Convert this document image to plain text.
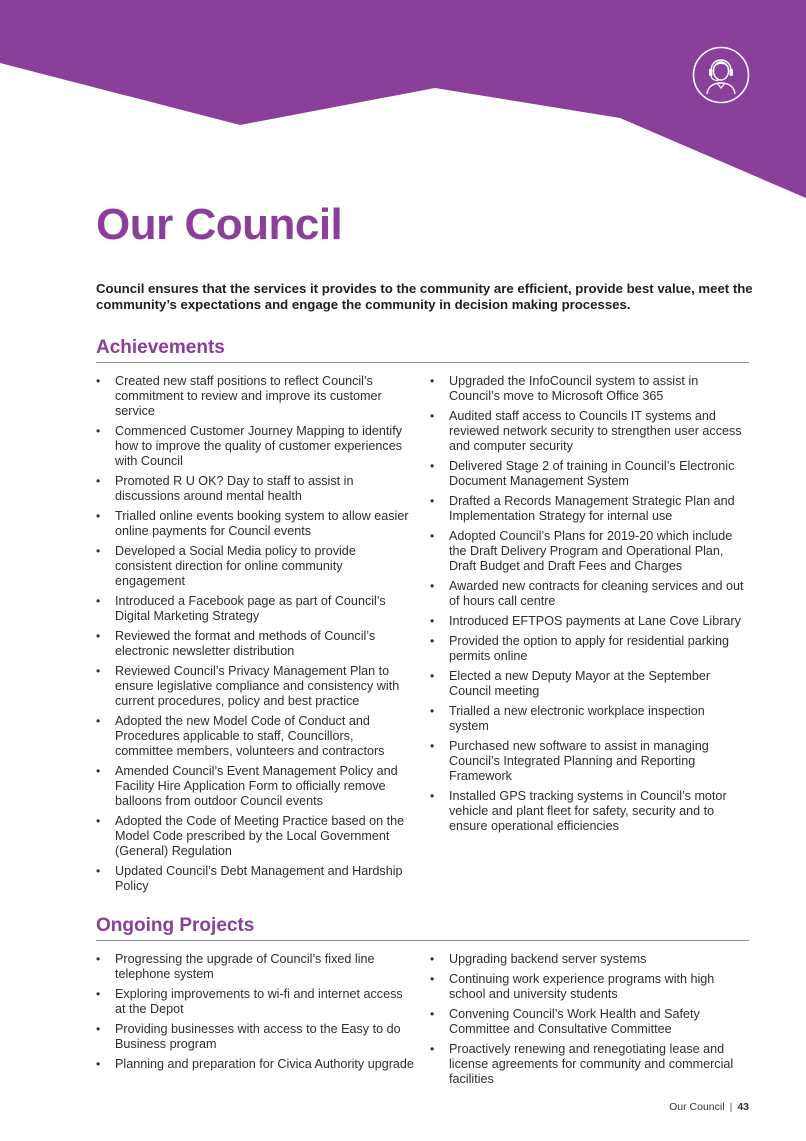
Our Council
Council ensures that the services it provides to the community are efficient, provide best value, meet the community’s expectations and engage the community in decision making processes.
Achievements
• Created new staff positions to reflect Council’s commitment to review and improve its customer service
• Commenced Customer Journey Mapping to identify how to improve the quality of customer experiences with Council
• Promoted R U OK? Day to staff to assist in discussions around mental health
• Trialled online events booking system to allow easier online payments for Council events
• Developed a Social Media policy to provide consistent direction for online community engagement
• Introduced a Facebook page as part of Council’s Digital Marketing Strategy
• Reviewed the format and methods of Council’s electronic newsletter distribution
• Reviewed Council’s Privacy Management Plan to ensure legislative compliance and consistency with current procedures, policy and best practice
• Adopted the new Model Code of Conduct and Procedures applicable to staff, Councillors, committee members, volunteers and contractors
• Amended Council’s Event Management Policy and Facility Hire Application Form to officially remove balloons from outdoor Council events
• Adopted the Code of Meeting Practice based on the Model Code prescribed by the Local Government (General) Regulation
• Updated Council’s Debt Management and Hardship Policy
• Upgraded the InfoCouncil system to assist in Council’s move to Microsoft Office 365
• Audited staff access to Councils IT systems and reviewed network security to strengthen user access and computer security
• Delivered Stage 2 of training in Council’s Electronic Document Management System
• Drafted a Records Management Strategic Plan and Implementation Strategy for internal use
• Adopted Council’s Plans for 2019-20 which include the Draft Delivery Program and Operational Plan, Draft Budget and Draft Fees and Charges
• Awarded new contracts for cleaning services and out of hours call centre
• Introduced EFTPOS payments at Lane Cove Library
• Provided the option to apply for residential parking permits online
• Elected a new Deputy Mayor at the September Council meeting
• Trialled a new electronic workplace inspection system
• Purchased new software to assist in managing Council’s Integrated Planning and Reporting Framework
• Installed GPS tracking systems in Council’s motor vehicle and plant fleet for safety, security and to ensure operational efficiencies
Ongoing Projects
• Progressing the upgrade of Council’s fixed line telephone system
• Exploring improvements to wi-fi and internet access at the Depot
• Providing businesses with access to the Easy to do Business program
• Planning and preparation for Civica Authority upgrade
• Upgrading backend server systems
• Continuing work experience programs with high school and university students
• Convening Council’s Work Health and Safety Committee and Consultative Committee
• Proactively renewing and renegotiating lease and license agreements for community and commercial facilities
Our Council | 43
